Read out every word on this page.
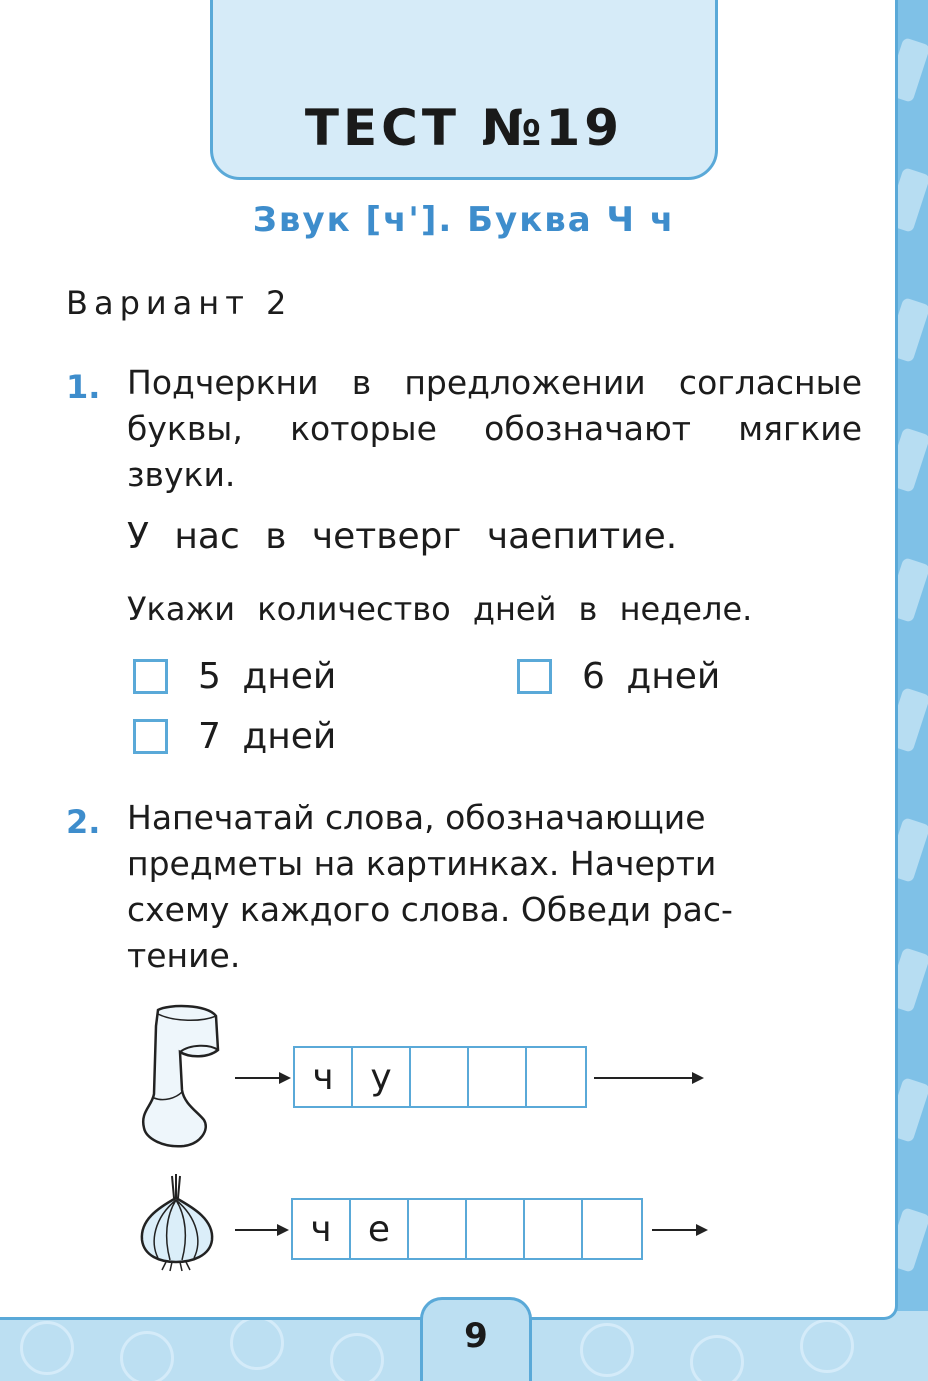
ТЕСТ №19
Звук [ч']. Буква Ч ч
Вариант 2
1. Подчеркни в предложении согласные буквы, которые обозначают мягкие звуки.
У нас в четверг чаепитие.
Укажи количество дней в неделе.
5 дней	6 дней
7 дней
2. Напечатай слова, обозначающие
предметы на картинках. Начерти
схему каждого слова. Обведи рас-
тение.
ч	у
ч	е
9
